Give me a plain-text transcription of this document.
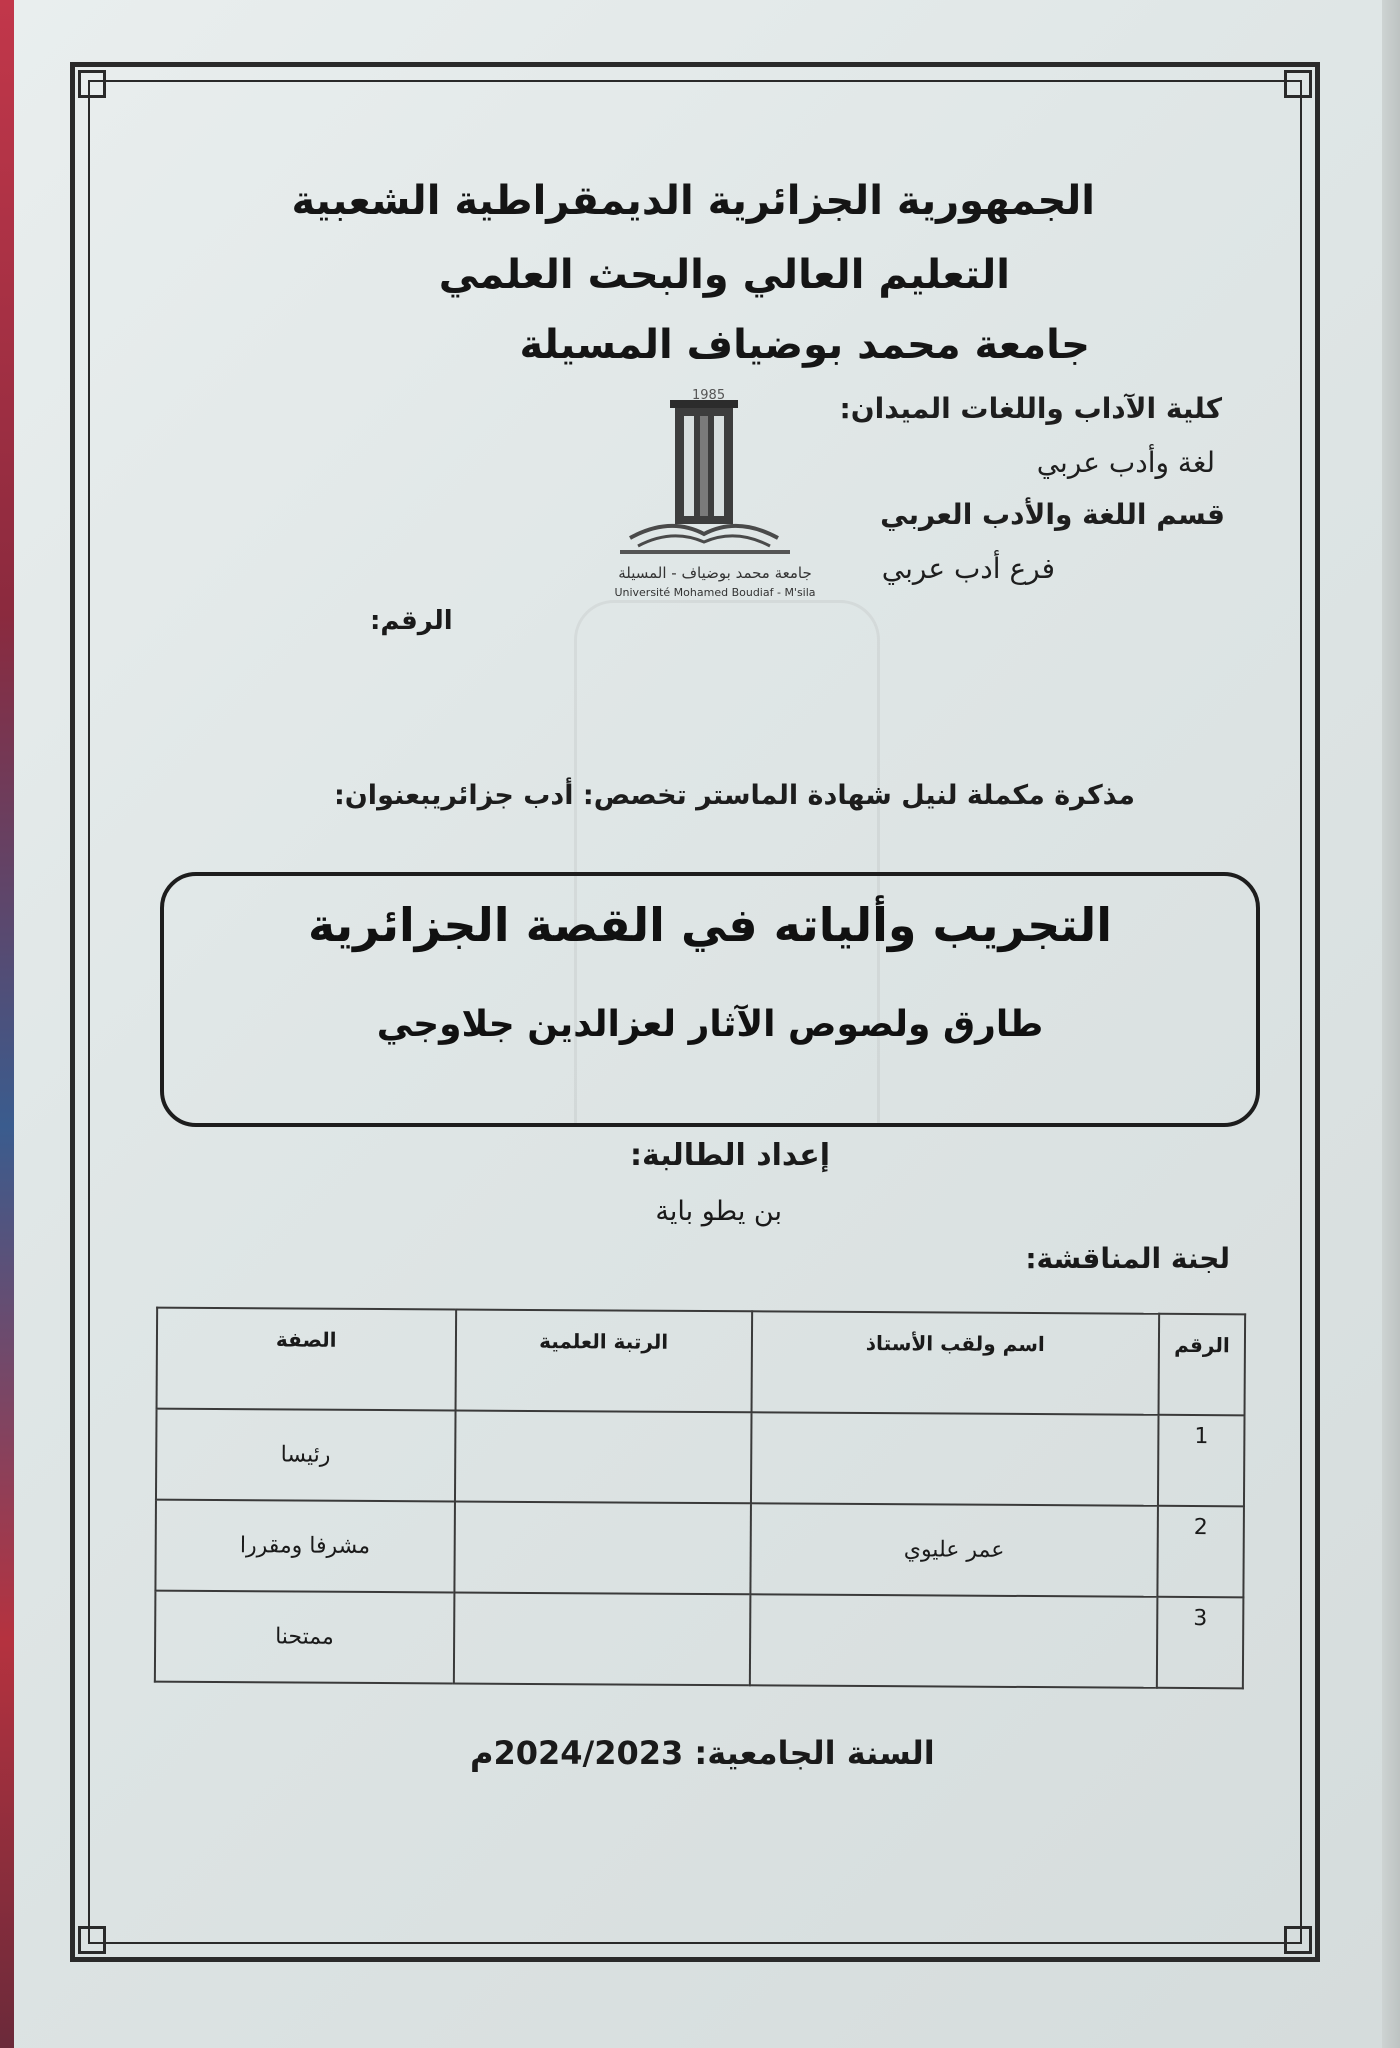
الجمهورية الجزائرية الديمقراطية الشعبية
التعليم العالي والبحث العلمي
جامعة محمد بوضياف المسيلة
كلية الآداب واللغات الميدان:
لغة وأدب عربي
قسم اللغة والأدب العربي
فرع أدب عربي
1985
جامعة محمد بوضياف - المسيلة
Université Mohamed Boudiaf - M'sila
الرقم:
مذكرة مكملة لنيل شهادة الماستر تخصص: أدب جزائريبعنوان:
التجريب وألياته في القصة الجزائرية
طارق ولصوص الآثار لعزالدين جلاوجي
إعداد الطالبة:
بن يطو باية
لجنة المناقشة:
الرقم	اسم ولقب الأستاذ	الرتبة العلمية	الصفة
1			رئيسا
2	عمر عليوي		مشرفا ومقررا
3			ممتحنا
السنة الجامعية: 2024/2023م
